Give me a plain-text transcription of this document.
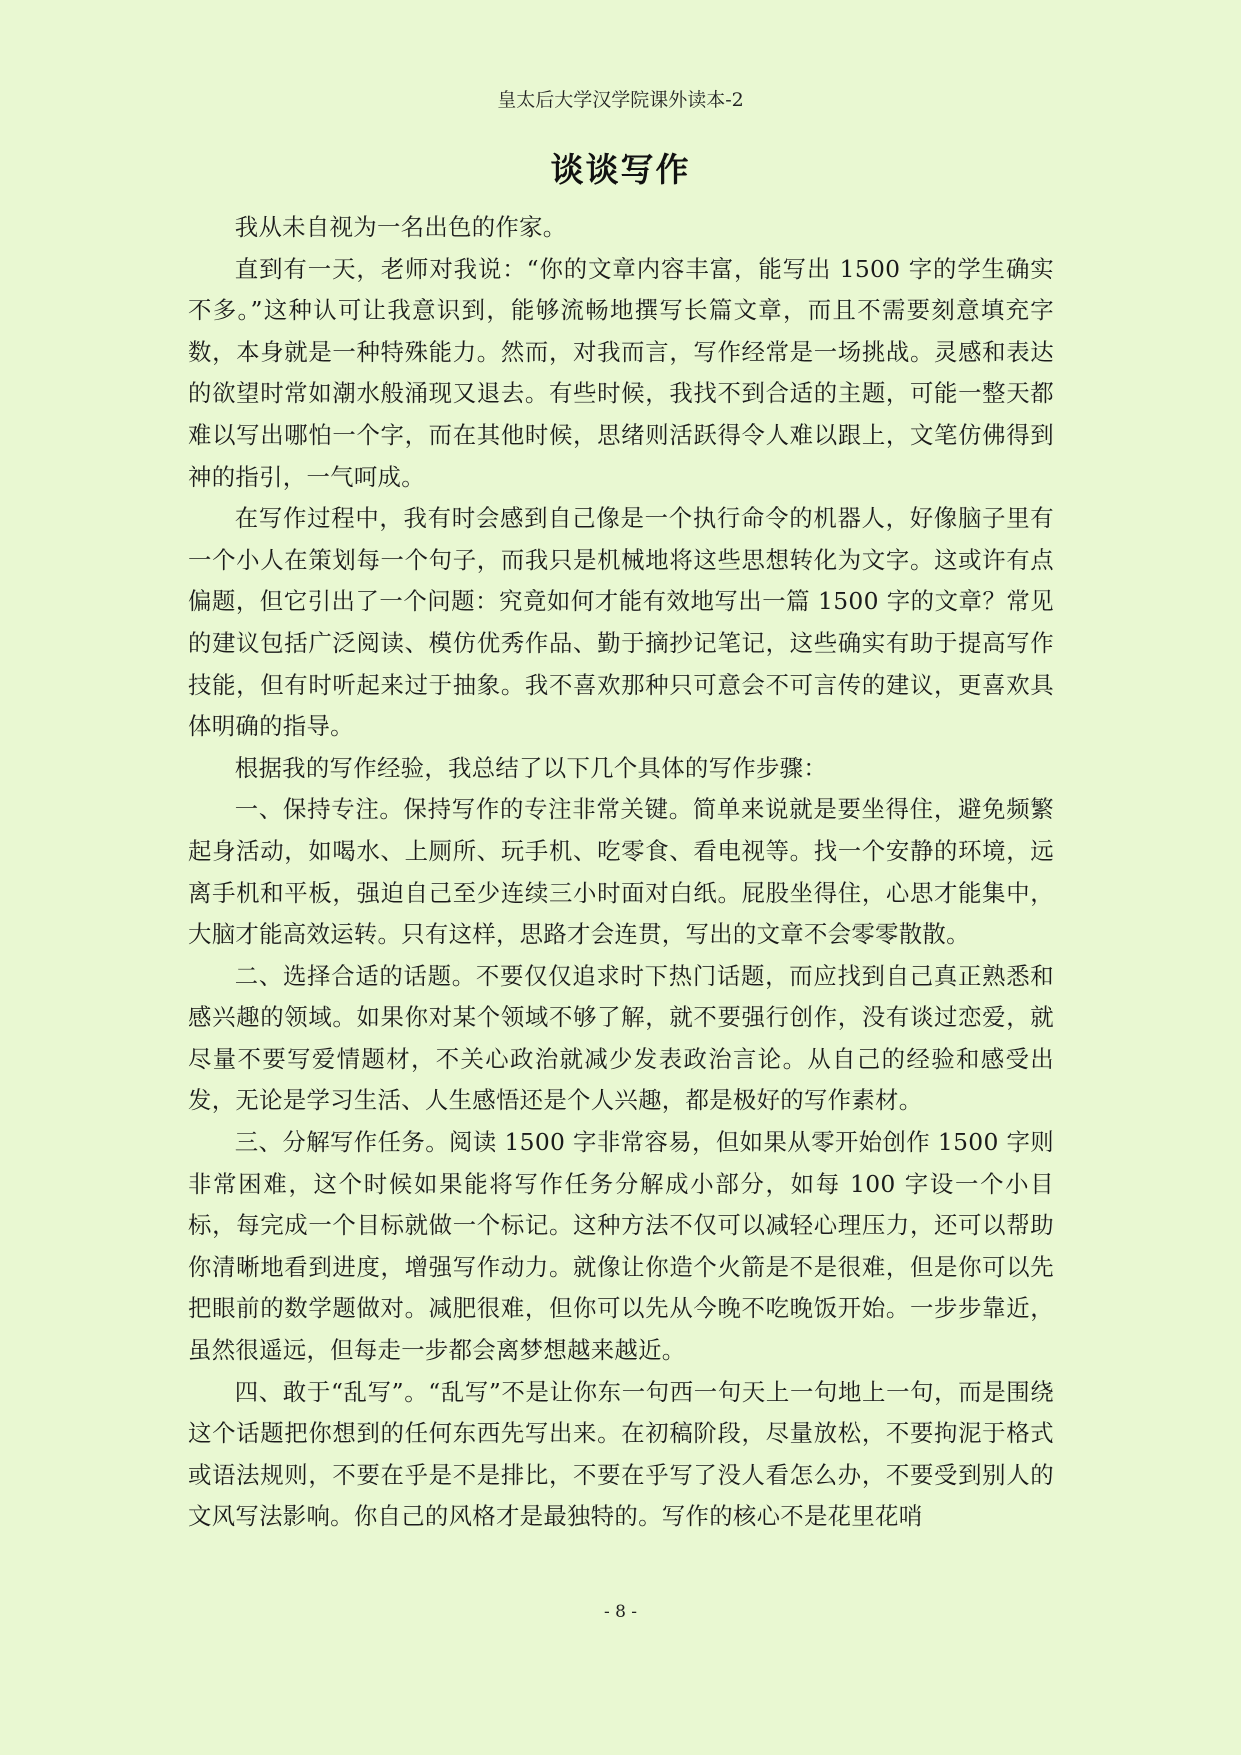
皇太后大学汉学院课外读本-2
谈谈写作

我从未自视为一名出色的作家。

直到有一天，老师对我说：“你的文章内容丰富，能写出 1500 字的学生确实不多。”这种认可让我意识到，能够流畅地撰写长篇文章，而且不需要刻意填充字数，本身就是一种特殊能力。然而，对我而言，写作经常是一场挑战。灵感和表达的欲望时常如潮水般涌现又退去。有些时候，我找不到合适的主题，可能一整天都难以写出哪怕一个字，而在其他时候，思绪则活跃得令人难以跟上，文笔仿佛得到神的指引，一气呵成。

在写作过程中，我有时会感到自己像是一个执行命令的机器人，好像脑子里有一个小人在策划每一个句子，而我只是机械地将这些思想转化为文字。这或许有点偏题，但它引出了一个问题：究竟如何才能有效地写出一篇 1500 字的文章？常见的建议包括广泛阅读、模仿优秀作品、勤于摘抄记笔记，这些确实有助于提高写作技能，但有时听起来过于抽象。我不喜欢那种只可意会不可言传的建议，更喜欢具体明确的指导。

根据我的写作经验，我总结了以下几个具体的写作步骤：

一、保持专注。保持写作的专注非常关键。简单来说就是要坐得住，避免频繁起身活动，如喝水、上厕所、玩手机、吃零食、看电视等。找一个安静的环境，远离手机和平板，强迫自己至少连续三小时面对白纸。屁股坐得住，心思才能集中，大脑才能高效运转。只有这样，思路才会连贯，写出的文章不会零零散散。

二、选择合适的话题。不要仅仅追求时下热门话题，而应找到自己真正熟悉和感兴趣的领域。如果你对某个领域不够了解，就不要强行创作，没有谈过恋爱，就尽量不要写爱情题材，不关心政治就减少发表政治言论。从自己的经验和感受出发，无论是学习生活、人生感悟还是个人兴趣，都是极好的写作素材。

三、分解写作任务。阅读 1500 字非常容易，但如果从零开始创作 1500 字则非常困难，这个时候如果能将写作任务分解成小部分，如每 100 字设一个小目标，每完成一个目标就做一个标记。这种方法不仅可以减轻心理压力，还可以帮助你清晰地看到进度，增强写作动力。就像让你造个火箭是不是很难，但是你可以先把眼前的数学题做对。减肥很难，但你可以先从今晚不吃晚饭开始。一步步靠近，虽然很遥远，但每走一步都会离梦想越来越近。

四、敢于“乱写”。“乱写”不是让你东一句西一句天上一句地上一句，而是围绕这个话题把你想到的任何东西先写出来。在初稿阶段，尽量放松，不要拘泥于格式或语法规则，不要在乎是不是排比，不要在乎写了没人看怎么办，不要受到别人的文风写法影响。你自己的风格才是最独特的。写作的核心不是花里花哨

- 8 -
